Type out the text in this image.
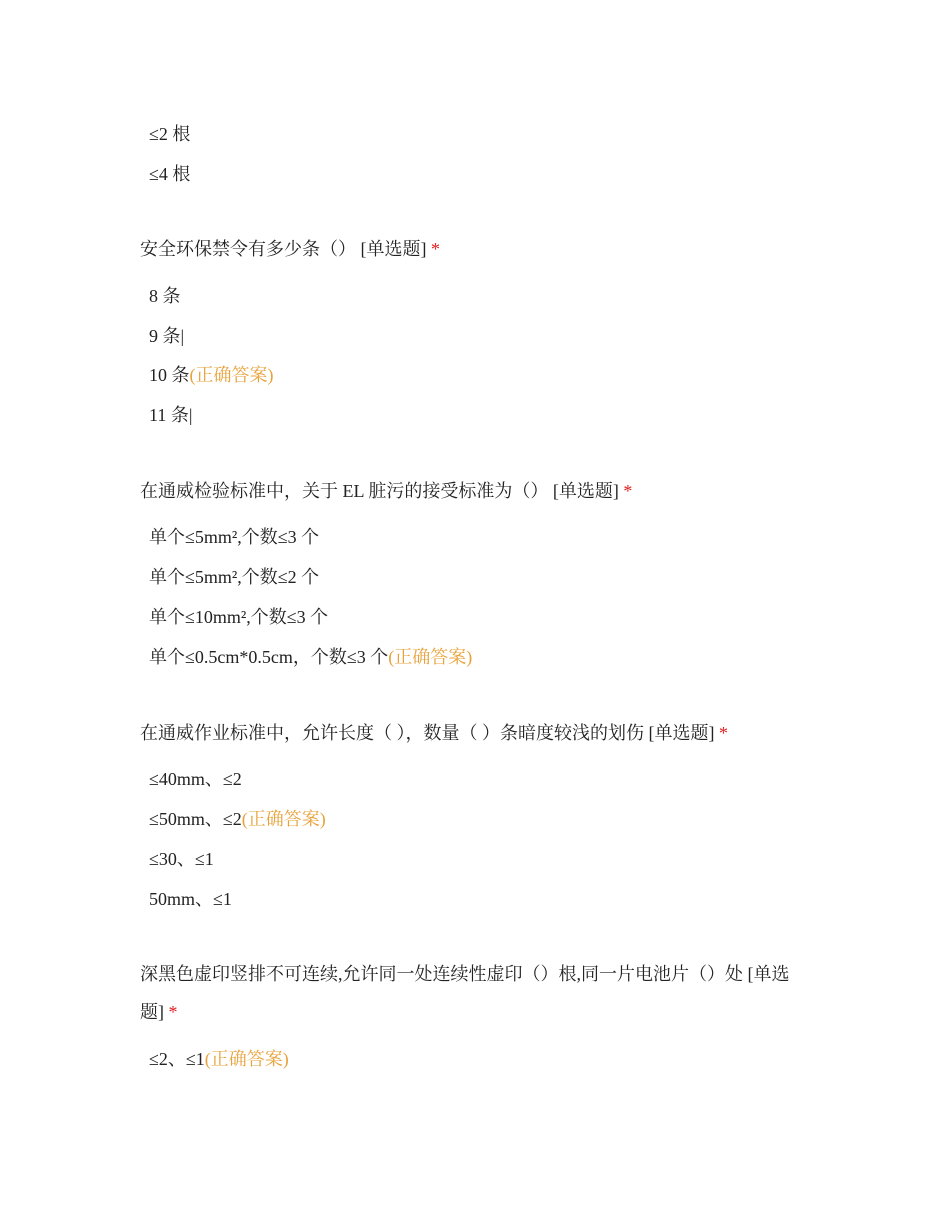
≤2 根
≤4 根
安全环保禁令有多少条（） [单选题] *
8 条
9 条|
10 条(正确答案)
11 条|
在通威检验标准中，关于 EL 脏污的接受标准为（） [单选题] *
单个≤5mm²,个数≤3 个
单个≤5mm²,个数≤2 个
单个≤10mm²,个数≤3 个
单个≤0.5cm*0.5cm，个数≤3 个(正确答案)
在通威作业标准中，允许长度（ ），数量（ ）条暗度较浅的划伤 [单选题] *
≤40mm、≤2
≤50mm、≤2(正确答案)
≤30、≤1
50mm、≤1
深黑色虚印竖排不可连续,允许同一处连续性虚印（）根,同一片电池片（）处 [单选题] *
≤2、≤1(正确答案)
